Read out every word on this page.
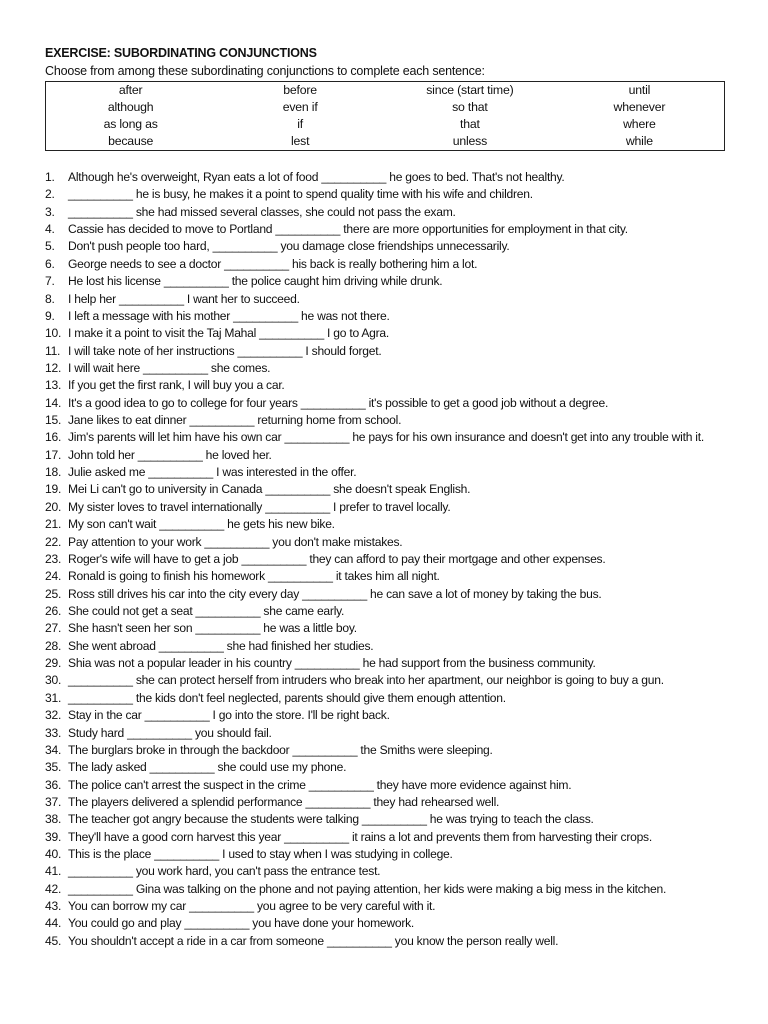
EXERCISE: SUBORDINATING CONJUNCTIONS
Choose from among these subordinating conjunctions to complete each sentence:
after	before	since (start time)	until
although	even if	so that	whenever
as long as	if	that	where
because	lest	unless	while
1. Although he's overweight, Ryan eats a lot of food __________ he goes to bed. That's not healthy.
2. __________ he is busy, he makes it a point to spend quality time with his wife and children.
3. __________ she had missed several classes, she could not pass the exam.
4. Cassie has decided to move to Portland __________ there are more opportunities for employment in that city.
5. Don't push people too hard, __________ you damage close friendships unnecessarily.
6. George needs to see a doctor __________ his back is really bothering him a lot.
7. He lost his license __________ the police caught him driving while drunk.
8. I help her __________ I want her to succeed.
9. I left a message with his mother __________ he was not there.
10. I make it a point to visit the Taj Mahal __________ I go to Agra.
11. I will take note of her instructions __________ I should forget.
12. I will wait here __________ she comes.
13. If you get the first rank, I will buy you a car.
14. It's a good idea to go to college for four years __________ it's possible to get a good job without a degree.
15. Jane likes to eat dinner __________ returning home from school.
16. Jim's parents will let him have his own car __________ he pays for his own insurance and doesn't get into any trouble with it.
17. John told her __________ he loved her.
18. Julie asked me __________ I was interested in the offer.
19. Mei Li can't go to university in Canada __________ she doesn't speak English.
20. My sister loves to travel internationally __________ I prefer to travel locally.
21. My son can't wait __________ he gets his new bike.
22. Pay attention to your work __________ you don't make mistakes.
23. Roger's wife will have to get a job __________ they can afford to pay their mortgage and other expenses.
24. Ronald is going to finish his homework __________ it takes him all night.
25. Ross still drives his car into the city every day __________ he can save a lot of money by taking the bus.
26. She could not get a seat __________ she came early.
27. She hasn't seen her son __________ he was a little boy.
28. She went abroad __________ she had finished her studies.
29. Shia was not a popular leader in his country __________ he had support from the business community.
30. __________ she can protect herself from intruders who break into her apartment, our neighbor is going to buy a gun.
31. __________ the kids don't feel neglected, parents should give them enough attention.
32. Stay in the car __________ I go into the store. I'll be right back.
33. Study hard __________ you should fail.
34. The burglars broke in through the backdoor __________ the Smiths were sleeping.
35. The lady asked __________ she could use my phone.
36. The police can't arrest the suspect in the crime __________ they have more evidence against him.
37. The players delivered a splendid performance __________ they had rehearsed well.
38. The teacher got angry because the students were talking __________ he was trying to teach the class.
39. They'll have a good corn harvest this year __________ it rains a lot and prevents them from harvesting their crops.
40. This is the place __________ I used to stay when I was studying in college.
41. __________ you work hard, you can't pass the entrance test.
42. __________ Gina was talking on the phone and not paying attention, her kids were making a big mess in the kitchen.
43. You can borrow my car __________ you agree to be very careful with it.
44. You could go and play __________ you have done your homework.
45. You shouldn't accept a ride in a car from someone __________ you know the person really well.
